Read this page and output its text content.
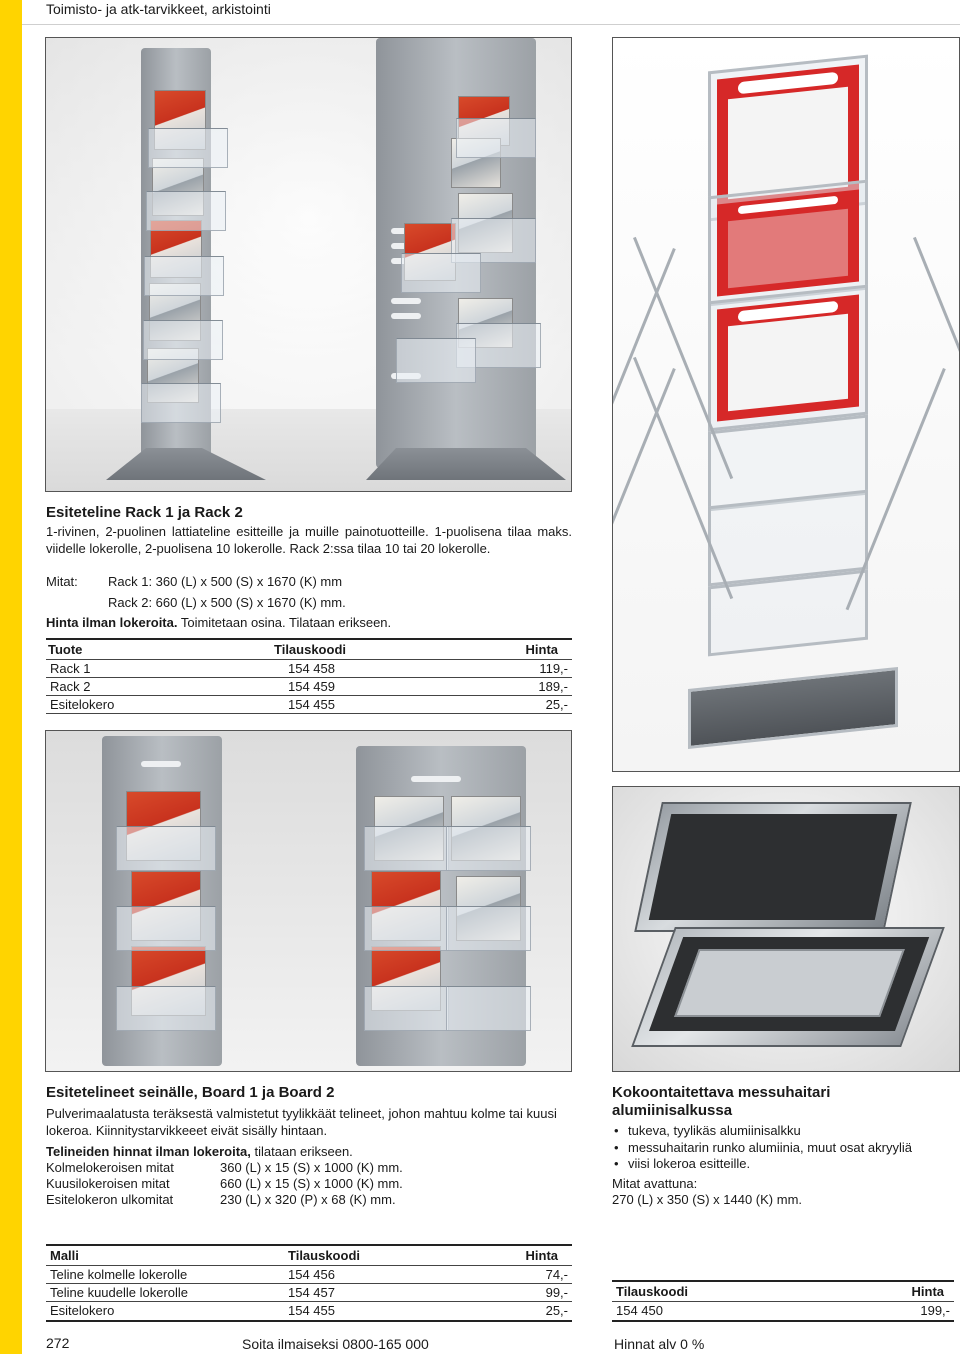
Toimisto- ja atk-tarvikkeet, arkistointi
Esiteteline Rack 1 ja Rack 2
1-rivinen, 2-puolinen lattiateline esitteille ja muille painotuotteille. 1-puolisena tilaa maks. viidelle lokerolle, 2-puolisena 10 lokerolle. Rack 2:ssa tilaa 10 tai 20 lokerolle.
Mitat: Rack 1: 360 (L) x 500 (S) x 1670 (K) mm
Rack 2: 660 (L) x 500 (S) x 1670 (K) mm.
Hinta ilman lokeroita. Toimitetaan osina. Tilataan erikseen.
Tuote	Tilauskoodi	Hinta
Rack 1	154 458	119,-
Rack 2	154 459	189,-
Esitelokero	154 455	25,-
Esitetelineet seinälle, Board 1 ja Board 2
Pulverimaalatusta teräksestä valmistetut tyylikkäät telineet, johon mahtuu kolme tai kuusi lokeroa. Kiinnitystarvikkeeet eivät sisälly hintaan.
Telineiden hinnat ilman lokeroita, tilataan erikseen.
Kolmelokeroisen mitat	360 (L) x 15 (S) x 1000 (K) mm.
Kuusilokeroisen mitat	660 (L) x 15 (S) x 1000 (K) mm.
Esitelokeron ulkomitat	230 (L) x 320 (P) x 68 (K) mm.
Malli	Tilauskoodi	Hinta
Teline kolmelle lokerolle	154 456	74,-
Teline kuudelle lokerolle	154 457	99,-
Esitelokero	154 455	25,-
Kokoontaitettava messuhaitari
alumiinisalkussa
• tukeva, tyylikäs alumiinisalkku
• messuhaitarin runko alumiinia, muut osat akryyliä
• viisi lokeroa esitteille.
Mitat avattuna:
270 (L) x 350 (S) x 1440 (K) mm.
Tilauskoodi	Hinta
154 450	199,-
272	Soita ilmaiseksi 0800-165 000	Hinnat alv 0 %
